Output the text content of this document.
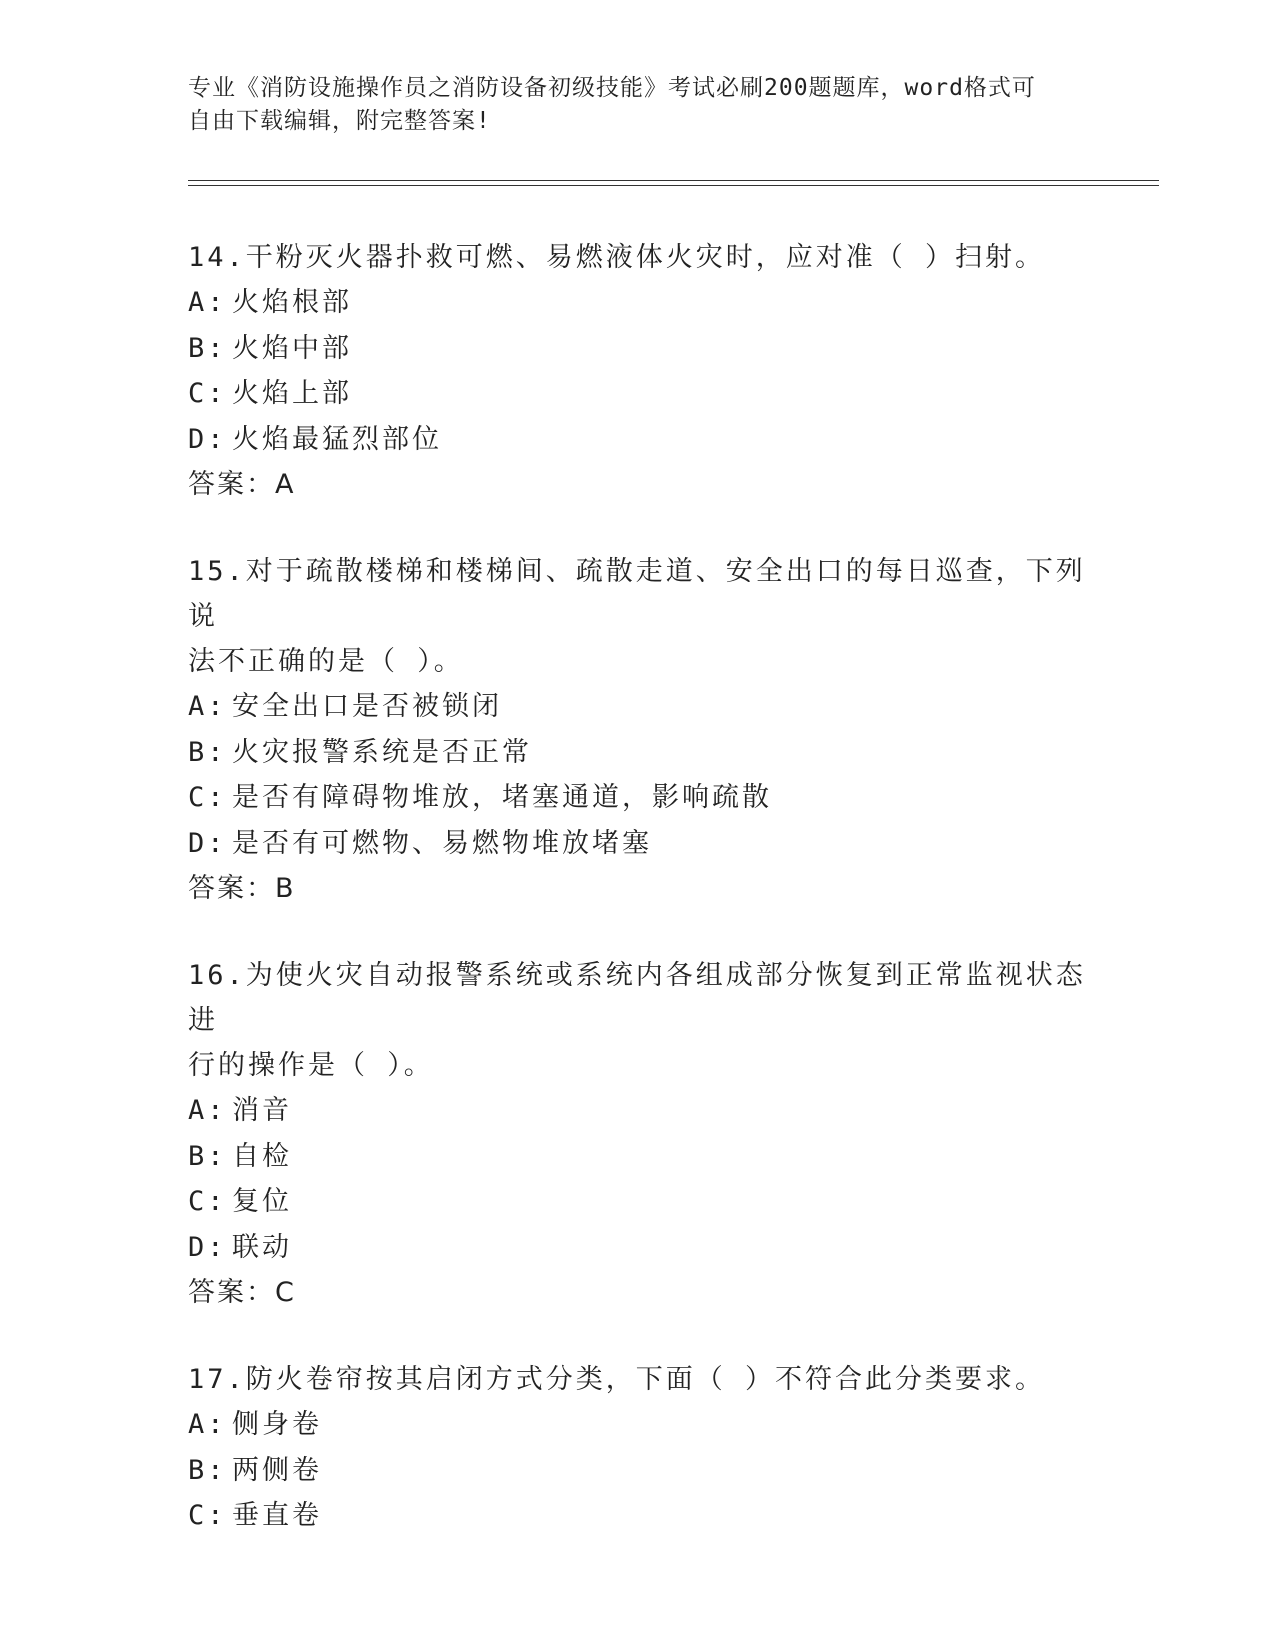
专业《消防设施操作员之消防设备初级技能》考试必刷200题题库，word格式可
自由下载编辑，附完整答案!

14.干粉灭火器扑救可燃、易燃液体火灾时，应对准（ ）扫射。

A: 火焰根部

B: 火焰中部

C: 火焰上部

D: 火焰最猛烈部位

答案：A

15.对于疏散楼梯和楼梯间、疏散走道、安全出口的每日巡查，下列说

法不正确的是（ ）。

A: 安全出口是否被锁闭

B: 火灾报警系统是否正常

C: 是否有障碍物堆放，堵塞通道，影响疏散

D: 是否有可燃物、易燃物堆放堵塞

答案：B

16.为使火灾自动报警系统或系统内各组成部分恢复到正常监视状态进

行的操作是（ ）。

A: 消音

B: 自检

C: 复位

D: 联动

答案：C

17.防火卷帘按其启闭方式分类，下面（ ）不符合此分类要求。

A: 侧身卷

B: 两侧卷

C: 垂直卷
